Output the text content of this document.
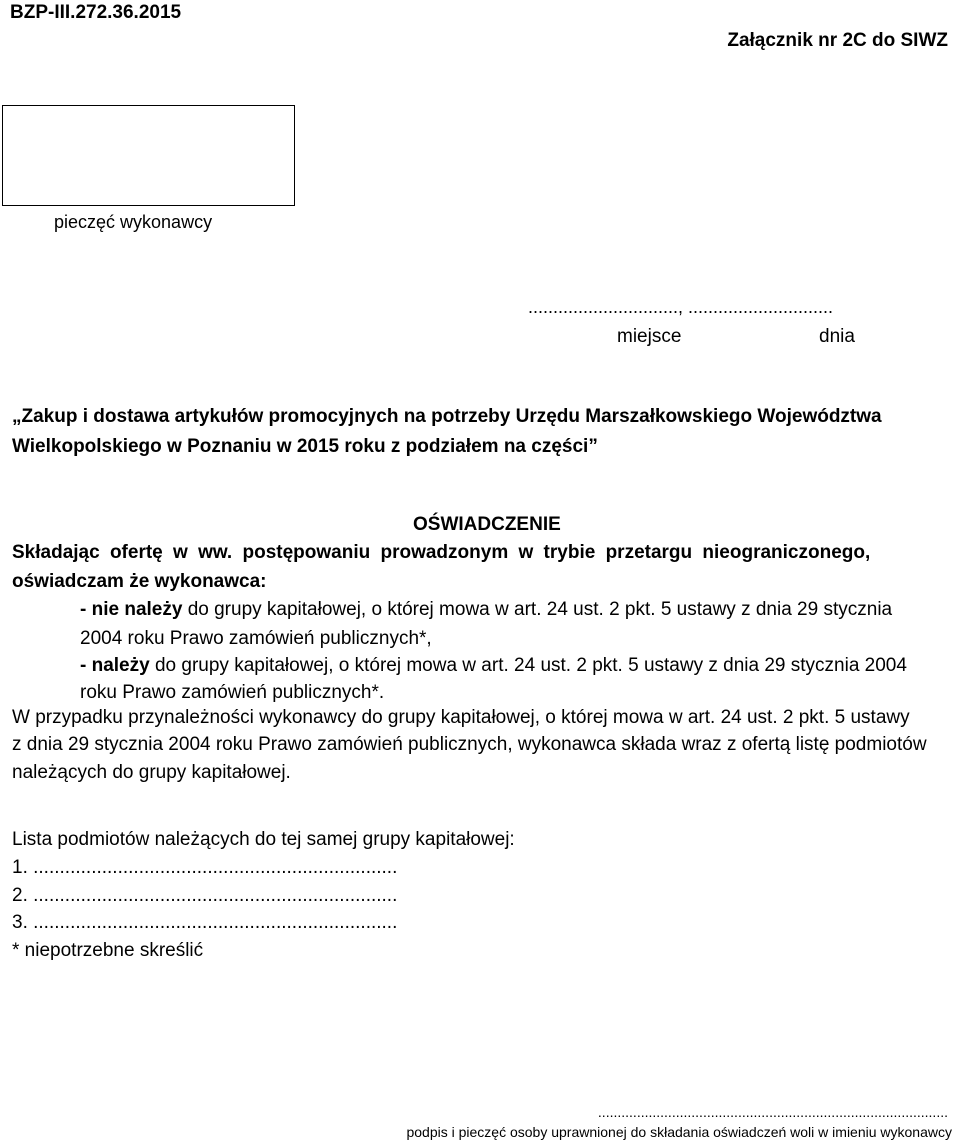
BZP-III.272.36.2015
Załącznik nr 2C do SIWZ
pieczęć wykonawcy
.............................., .............................
miejsce	dnia
„Zakup i dostawa artykułów promocyjnych na potrzeby Urzędu Marszałkowskiego Województwa
Wielkopolskiego w Poznaniu w 2015 roku z podziałem na części”
OŚWIADCZENIE
Składając ofertę w ww. postępowaniu prowadzonym w trybie przetargu nieograniczonego,
oświadczam że wykonawca:
- nie należy do grupy kapitałowej, o której mowa w art. 24 ust. 2 pkt. 5 ustawy z dnia 29 stycznia
2004 roku Prawo zamówień publicznych*,
- należy do grupy kapitałowej, o której mowa w art. 24 ust. 2 pkt. 5 ustawy z dnia 29 stycznia 2004
roku Prawo zamówień publicznych*.
W przypadku przynależności wykonawcy do grupy kapitałowej, o której mowa w art. 24 ust. 2 pkt. 5 ustawy
z dnia 29 stycznia 2004 roku Prawo zamówień publicznych, wykonawca składa wraz z ofertą listę podmiotów
należących do grupy kapitałowej.
Lista podmiotów należących do tej samej grupy kapitałowej:
1. .....................................................................
2. .....................................................................
3. .....................................................................
* niepotrzebne skreślić
..........................................................................................
podpis i pieczęć osoby uprawnionej do składania oświadczeń woli w imieniu wykonawcy
